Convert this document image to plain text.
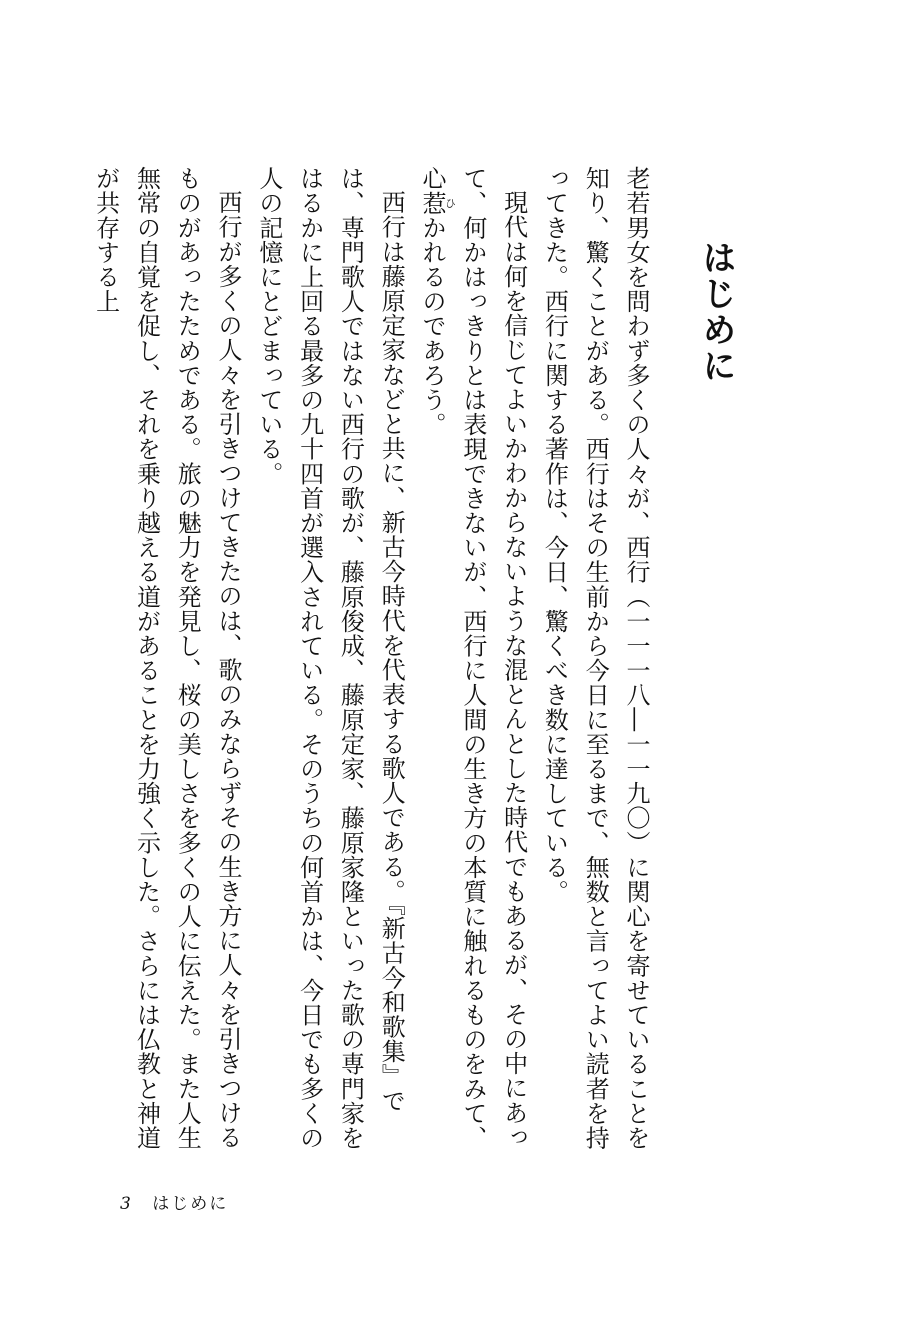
はじめに

老若男女を問わず多くの人々が、西行（一一一八―一一九〇）に関心を寄せていることを知り、驚くことがある。西行はその生前から今日に至るまで、無数と言ってよい読者を持ってきた。西行に関する著作は、今日、驚くべき数に達している。

現代は何を信じてよいかわからないような混とんとした時代でもあるが、その中にあって、何かはっきりとは表現できないが、西行に人間の生き方の本質に触れるものをみて、心惹ひかれるのであろう。

西行は藤原定家などと共に、新古今時代を代表する歌人である。『新古今和歌集』では、専門歌人ではない西行の歌が、藤原俊成、藤原定家、藤原家隆といった歌の専門家をはるかに上回る最多の九十四首が選入されている。そのうちの何首かは、今日でも多くの人の記憶にとどまっている。

西行が多くの人々を引きつけてきたのは、歌のみならずその生き方に人々を引きつけるものがあったためである。旅の魅力を発見し、桜の美しさを多くの人に伝えた。また人生無常の自覚を促し、それを乗り越える道があることを力強く示した。さらには仏教と神道が共存する上

3 はじめに
